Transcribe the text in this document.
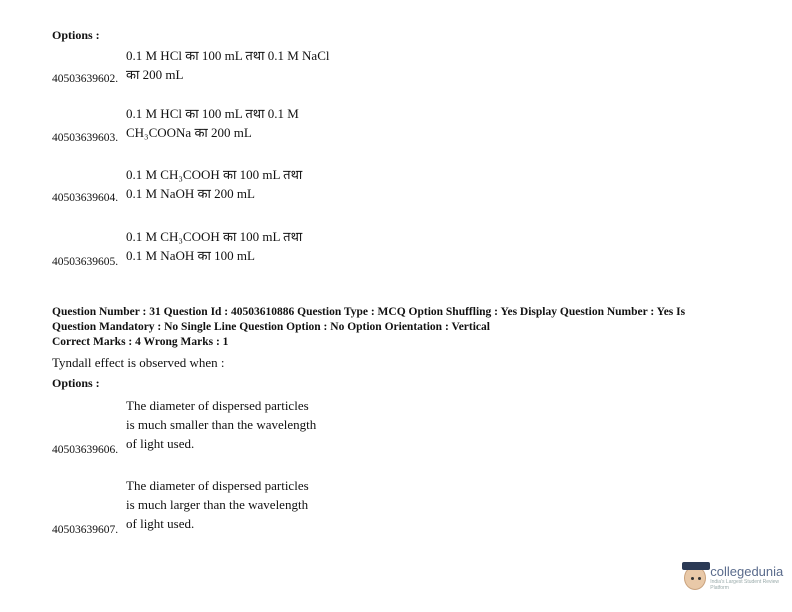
Options :
0.1 M HCl का 100 mL तथा 0.1 M NaCl
का 200 mL
40503639602.
0.1 M HCl का 100 mL तथा 0.1 M
CH₃COONa का 200 mL
40503639603.
0.1 M CH₃COOH का 100 mL तथा
0.1 M NaOH का 200 mL
40503639604.
0.1 M CH₃COOH का 100 mL तथा
0.1 M NaOH का 100 mL
40503639605.
Question Number : 31 Question Id : 40503610886 Question Type : MCQ Option Shuffling : Yes Display Question Number : Yes Is
Question Mandatory : No Single Line Question Option : No Option Orientation : Vertical
Correct Marks : 4 Wrong Marks : 1
Tyndall effect is observed when :
Options :
The diameter of dispersed particles
is much smaller than the wavelength
of light used.
40503639606.
The diameter of dispersed particles
is much larger than the wavelength
of light used.
40503639607.
collegedunia
India's Largest Student Review Platform
